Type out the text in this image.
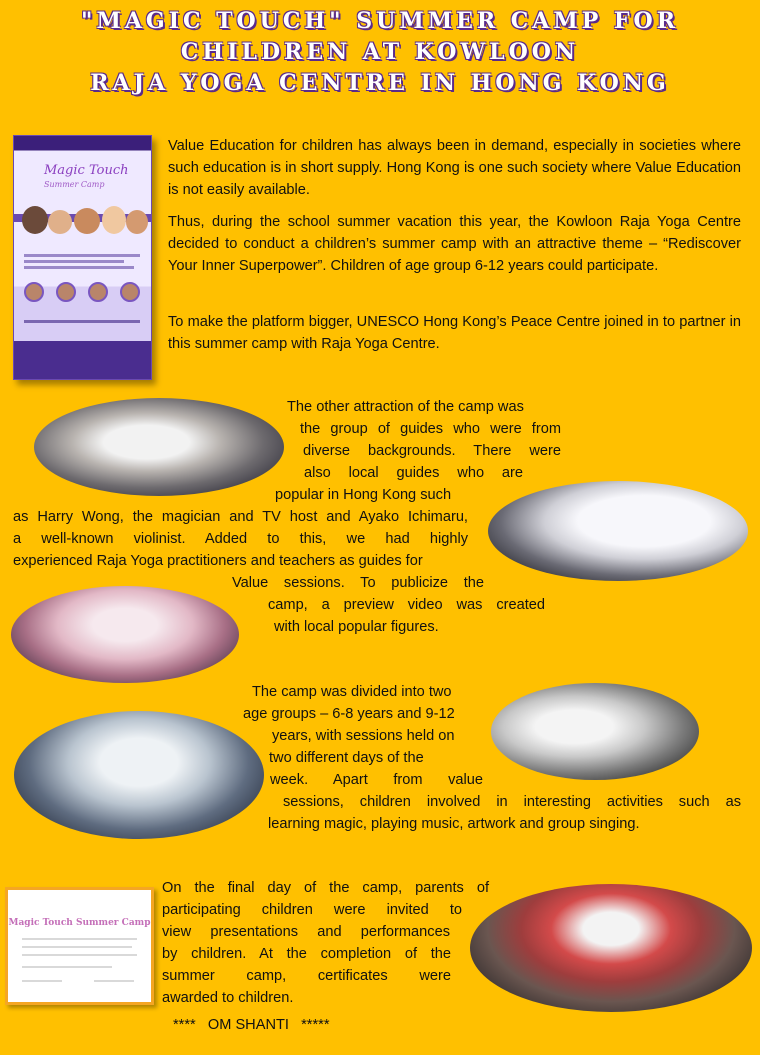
"MAGIC TOUCH" SUMMER CAMP FOR
CHILDREN AT KOWLOON
RAJA YOGA CENTRE IN HONG KONG
Magic Touch
Summer Camp

Value Education for children has always been in demand, especially in societies where such education is in short supply. Hong Kong is one such society where Value Education is not easily available.

Thus, during the school summer vacation this year, the Kowloon Raja Yoga Centre decided to conduct a children’s summer camp with an attractive theme – “Rediscover Your Inner Superpower”. Children of age group 6-12 years could participate.

To make the platform bigger, UNESCO Hong Kong’s Peace Centre joined in to partner in this summer camp with Raja Yoga Centre.

Magic Touch Summer Camp

The other attraction of the camp was

the group of guides who were from

diverse backgrounds. There were

also local guides who are

popular in Hong Kong such

as Harry Wong, the magician and TV host and Ayako Ichimaru,

a well-known violinist. Added to this, we had highly

experienced Raja Yoga practitioners and teachers as guides for

Value sessions. To publicize the

camp, a preview video was created

with local popular figures.

The camp was divided into two

age groups – 6-8 years and 9-12

years, with sessions held on

two different days of the

week. Apart from value

sessions, children involved in interesting activities such as

learning magic, playing music, artwork and group singing.

On the final day of the camp, parents of

participating children were invited to

view presentations and performances

by children. At the completion of the

summer camp, certificates were

awarded to children.

****   OM SHANTI   *****
